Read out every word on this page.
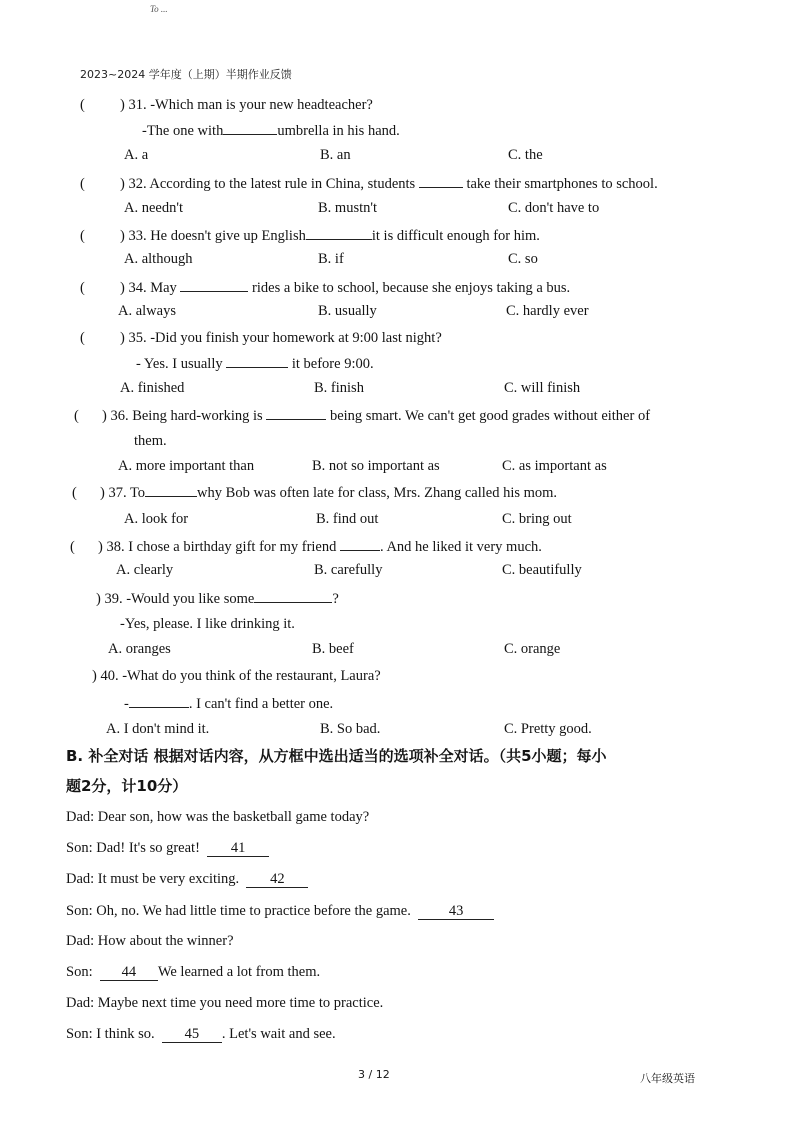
To ...
2023~2024 学年度（上期）半期作业反馈
( ) 31. -Which man is your new headteacher?
-The one with	umbrella in his hand.
A. a	B. an	C. the
( ) 32. According to the latest rule in China, students	take their smartphones to school.
A. needn't	B. mustn't	C. don't have to
( ) 33. He doesn't give up English	it is difficult enough for him.
A. although	B. if	C. so
( ) 34. May	rides a bike to school, because she enjoys taking a bus.
A. always	B. usually	C. hardly ever
( ) 35. -Did you finish your homework at 9:00 last night?
- Yes. I usually	it before 9:00.
A. finished	B. finish	C. will finish
( ) 36. Being hard-working is	being smart. We can't get good grades without either of
them.
A. more important than	B. not so important as	C. as important as
( ) 37. To	why Bob was often late for class, Mrs. Zhang called his mom.
A. look for	B. find out	C. bring out
( ) 38. I chose a birthday gift for my friend	. And he liked it very much.
A. clearly	B. carefully	C. beautifully
) 39. -Would you like some	?
-Yes, please. I like drinking it.
A. oranges	B. beef	C. orange
) 40. -What do you think of the restaurant, Laura?
-	. I can't find a better one.
A. I don't mind it.	B. So bad.	C. Pretty good.
B. 补全对话 根据对话内容，从方框中选出适当的选项补全对话。（共5小题；每小
题2分，计10分）
Dad: Dear son, how was the basketball game today?
Son: Dad! It's so great! 41
Dad: It must be very exciting. 42
Son: Oh, no. We had little time to practice before the game.	43
Dad: How about the winner?
Son: 44 We learned a lot from them.
Dad: Maybe next time you need more time to practice.
Son: I think so. 45 . Let's wait and see.
3 / 12	八年级英语
